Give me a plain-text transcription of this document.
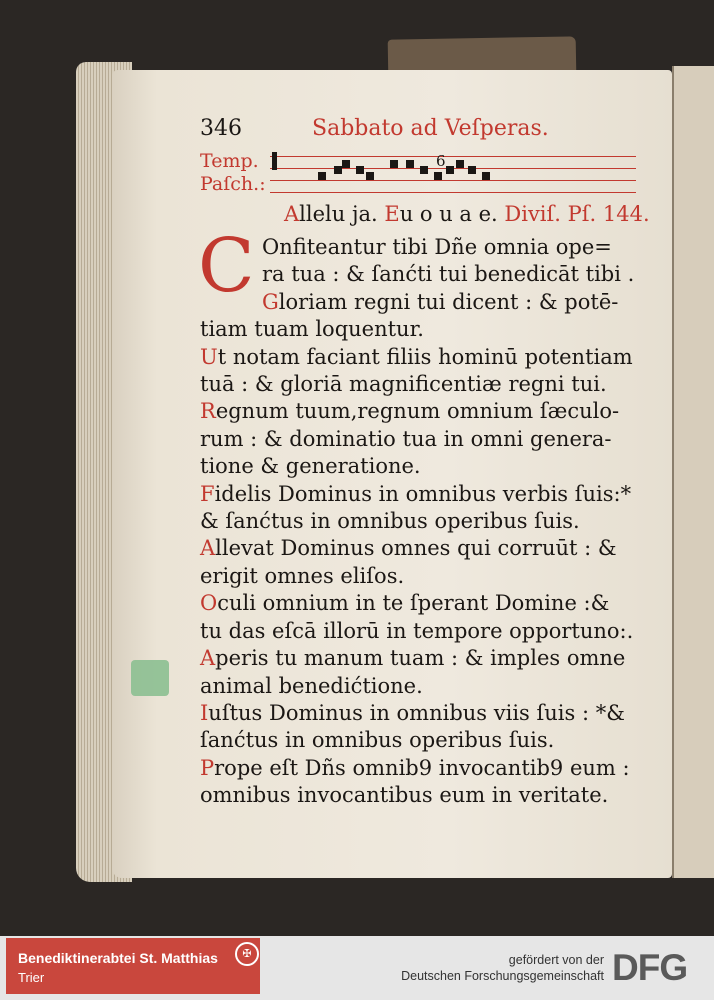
346	Sabbato ad Veſperas.
Temp.
Paſch.:
6
Allelu ja. Eu o u a e. Diviſ. Pſ. 144.
C Onfiteantur tibi Dñe omnia ope=
ra tua : & ſanćti tui benedicāt tibi .
Gloriam regni tui dicent : & potē-
tiam tuam loquentur.
Ut notam faciant filiis hominū potentiam
tuā : & gloriā magnificentiæ regni tui.
Regnum tuum,regnum omnium ſæculo-
rum : & dominatio tua in omni genera-
tione & generatione.
Fidelis Dominus in omnibus verbis ſuis:*
& ſanćtus in omnibus operibus ſuis.
Allevat Dominus omnes qui corruūt : &
erigit omnes eliſos.
Oculi omnium in te ſperant Domine :&
tu das eſcā illorū in tempore opportuno:.
Aperis tu manum tuam : & imples omne
animal benedićtione.
Iuſtus Dominus in omnibus viis ſuis : *&
ſanćtus in omnibus operibus ſuis.
Prope eſt Dñs omnib9 invocantib9 eum :
omnibus invocantibus eum in veritate.
Benediktinerabtei St. Matthias
Trier
✠	gefördert von der
Deutschen Forschungsgemeinschaft DFG
